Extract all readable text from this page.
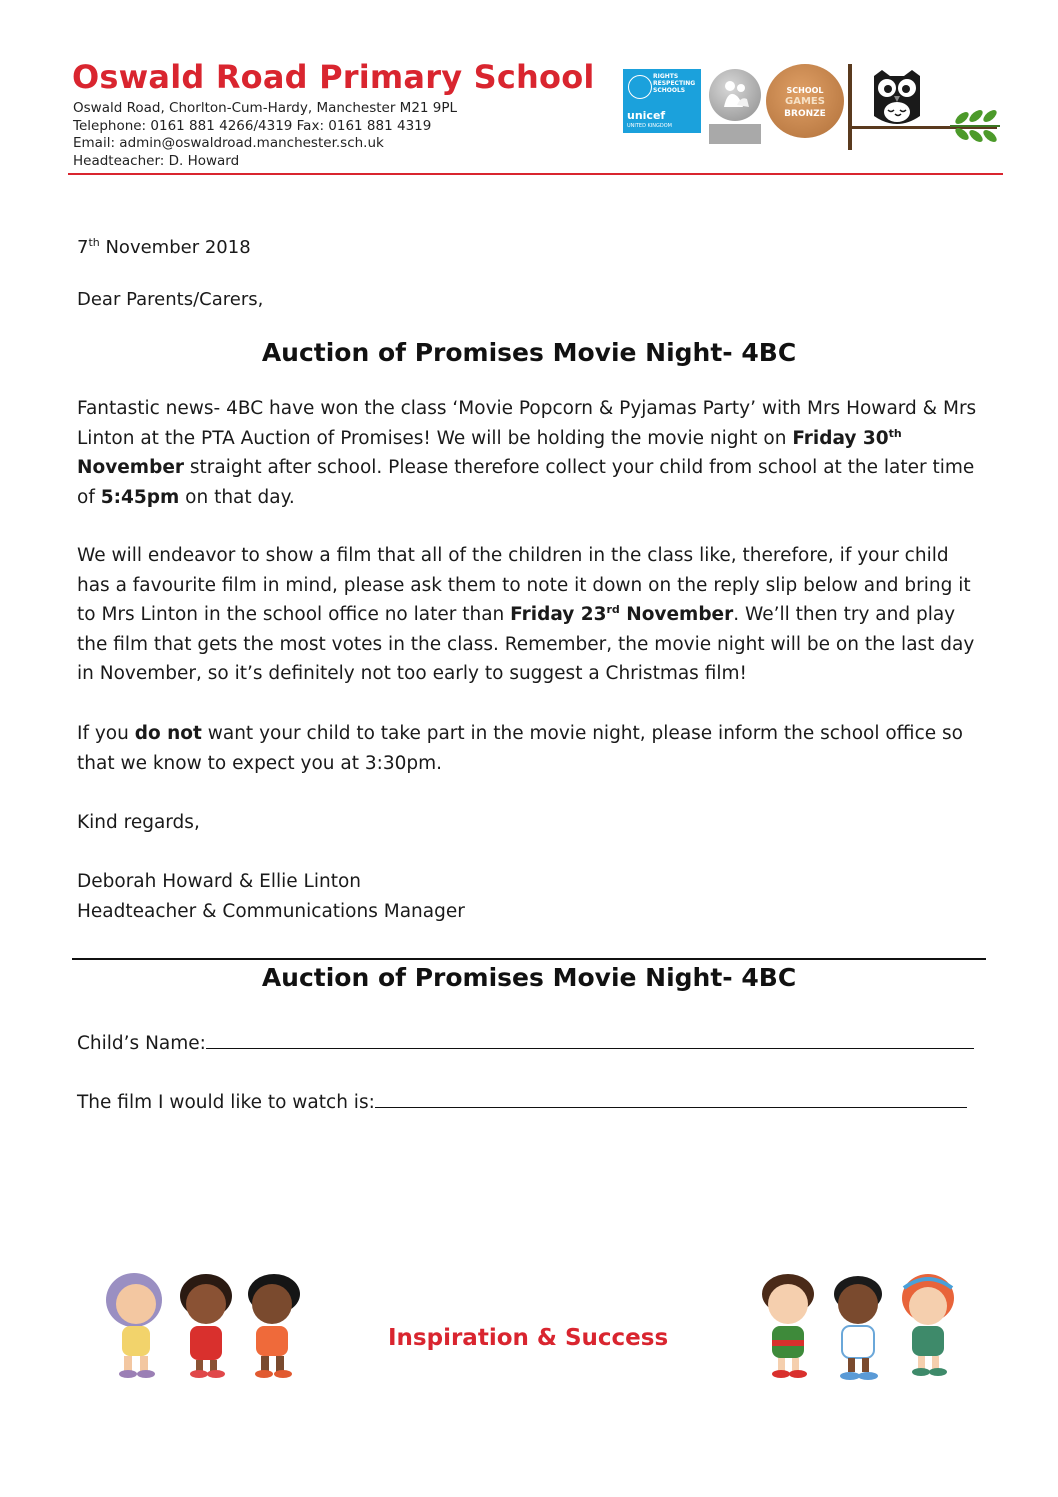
Oswald Road Primary School
Oswald Road, Chorlton-Cum-Hardy, Manchester M21 9PL
Telephone: 0161 881 4266/4319 Fax: 0161 881 4319
Email: admin@oswaldroad.manchester.sch.uk
Headteacher: D. Howard
RIGHTS RESPECTING SCHOOLS
unicef
UNITED KINGDOM
SCHOOL
GAMES
BRONZE
7th November 2018
Dear Parents/Carers,
Auction of Promises Movie Night- 4BC
Fantastic news- 4BC have won the class ‘Movie Popcorn & Pyjamas Party’ with Mrs Howard & Mrs Linton at the PTA Auction of Promises! We will be holding the movie night on Friday 30th November straight after school. Please therefore collect your child from school at the later time of 5:45pm on that day.
We will endeavor to show a film that all of the children in the class like, therefore, if your child has a favourite film in mind, please ask them to note it down on the reply slip below and bring it to Mrs Linton in the school office no later than Friday 23rd November. We’ll then try and play the film that gets the most votes in the class. Remember, the movie night will be on the last day in November, so it’s definitely not too early to suggest a Christmas film!
If you do not want your child to take part in the movie night, please inform the school office so that we know to expect you at 3:30pm.
Kind regards,
Deborah Howard & Ellie Linton
Headteacher & Communications Manager
Auction of Promises Movie Night- 4BC
Child’s Name:
The film I would like to watch is:
Inspiration & Success
